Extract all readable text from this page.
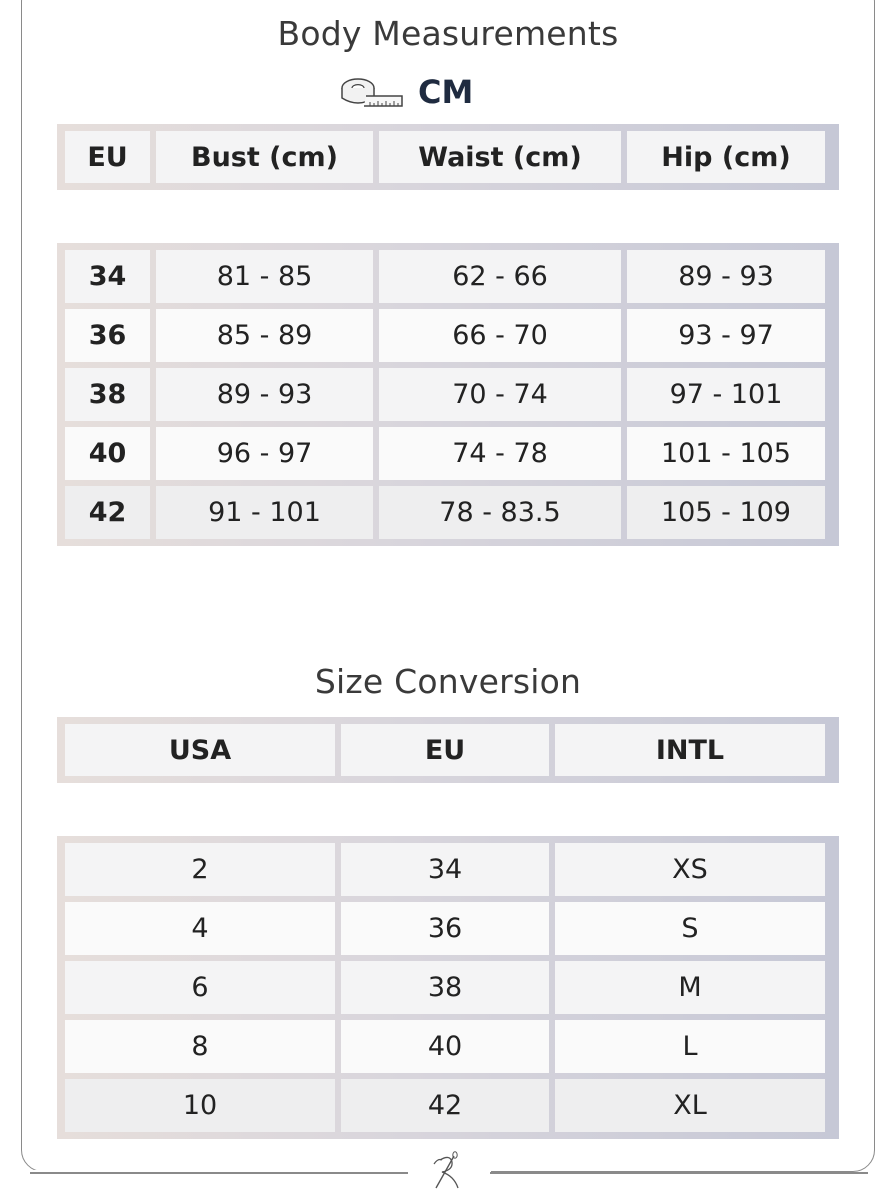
Body Measurements
CM
EU	Bust (cm)	Waist (cm)	Hip (cm)
34	81 - 85	62 - 66	89 - 93
36	85 - 89	66 - 70	93 - 97
38	89 - 93	70 - 74	97 - 101
40	96 - 97	74 - 78	101 - 105
42	91 - 101	78 - 83.5	105 - 109
Size Conversion
USA	EU	INTL
2	34	XS
4	36	S
6	38	M
8	40	L
10	42	XL
